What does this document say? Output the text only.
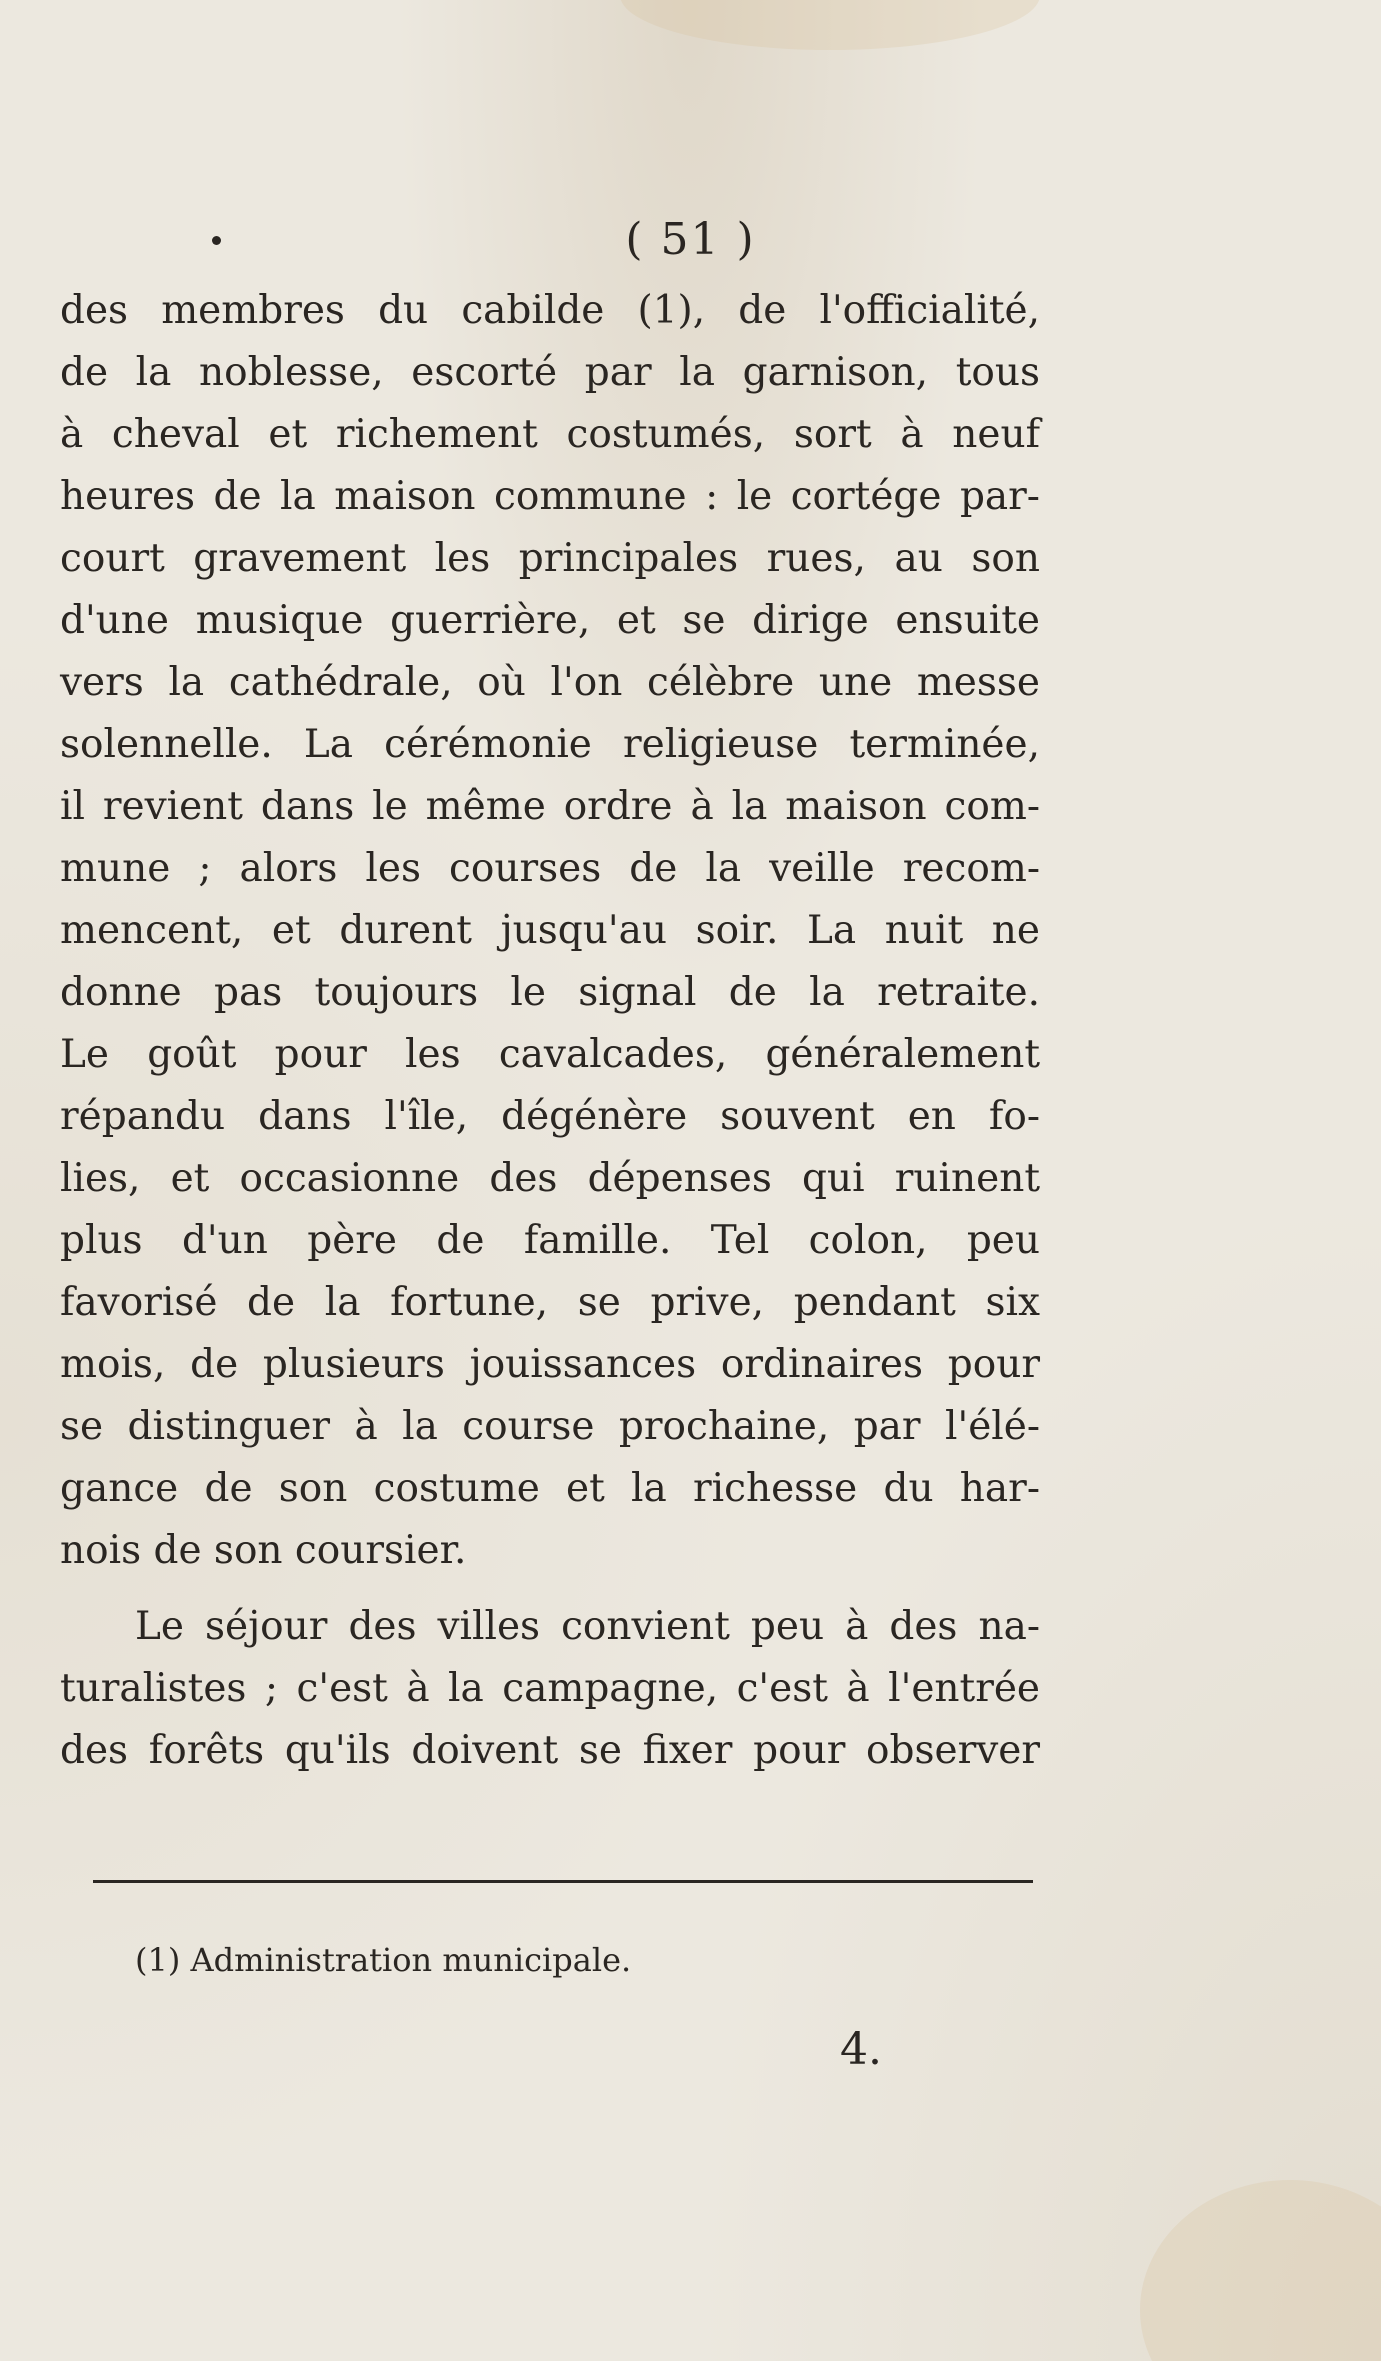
( 51 )
des membres du cabilde (1), de l'officialité,
de la noblesse, escorté par la garnison, tous
à cheval et richement costumés, sort à neuf
heures de la maison commune : le cortége par-
court gravement les principales rues, au son
d'une musique guerrière, et se dirige ensuite
vers la cathédrale, où l'on célèbre une messe
solennelle. La cérémonie religieuse terminée,
il revient dans le même ordre à la maison com-
mune ; alors les courses de la veille recom-
mencent, et durent jusqu'au soir. La nuit ne
donne pas toujours le signal de la retraite.
Le goût pour les cavalcades, généralement
répandu dans l'île, dégénère souvent en fo-
lies, et occasionne des dépenses qui ruinent
plus d'un père de famille. Tel colon, peu
favorisé de la fortune, se prive, pendant six
mois, de plusieurs jouissances ordinaires pour
se distinguer à la course prochaine, par l'élé-
gance de son costume et la richesse du har-
nois de son coursier.
Le séjour des villes convient peu à des na-
turalistes ; c'est à la campagne, c'est à l'entrée
des forêts qu'ils doivent se fixer pour observer
(1) Administration municipale.
4.
